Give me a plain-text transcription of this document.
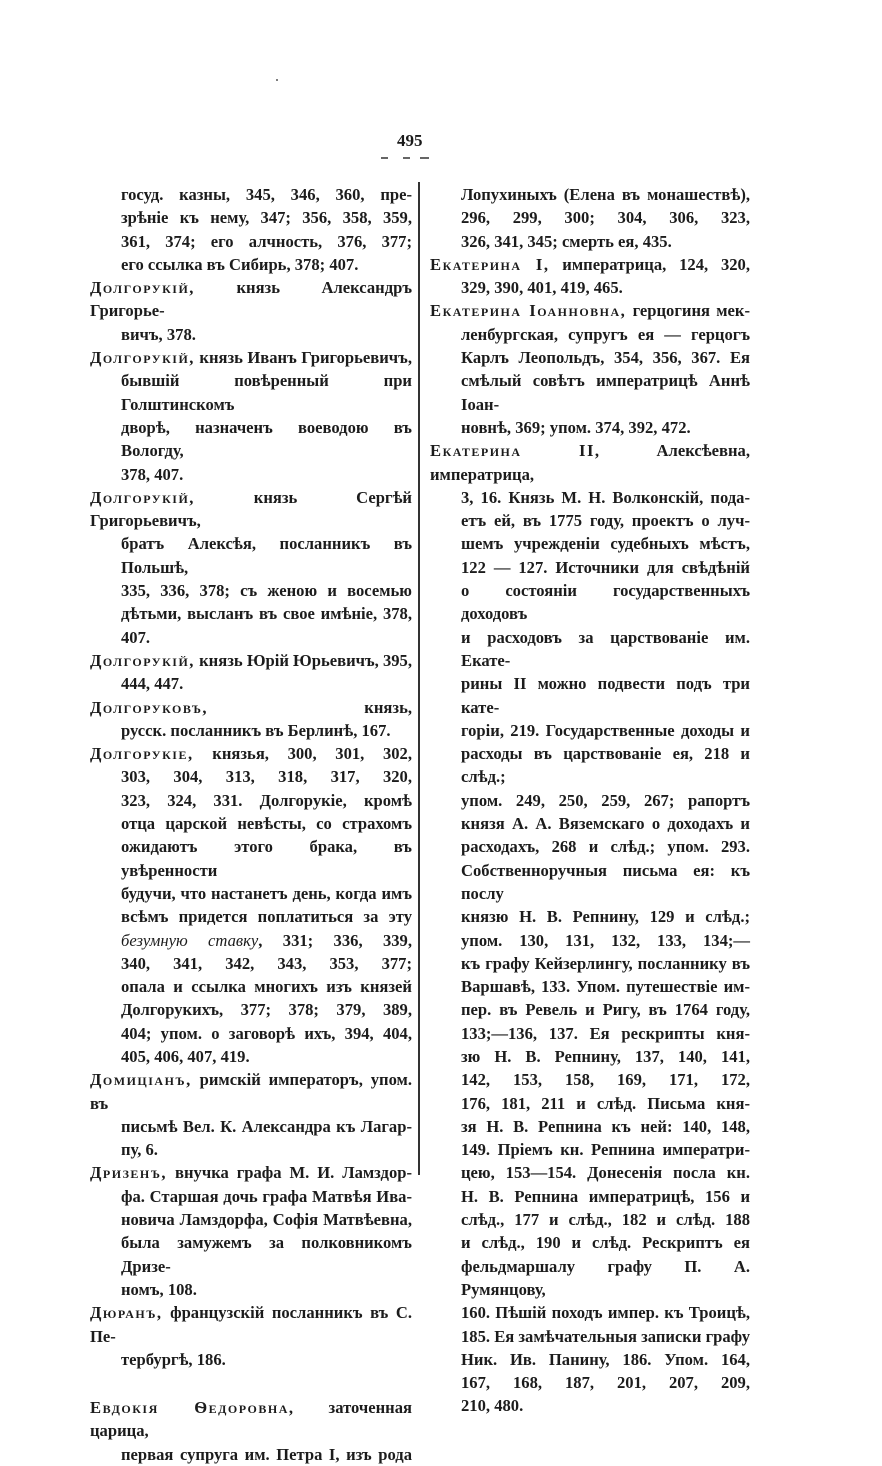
495
госуд. казны, 345, 346, 360, пре-
зрѣніе къ нему, 347; 356, 358, 359,
361, 374; его алчность, 376, 377;
его ссылка въ Сибирь, 378; 407.
Долгорукій, князь Александръ Григорье-
вичъ, 378.
Долгорукій, князь Иванъ Григорьевичъ,
бывшій повѣренный при Голштинскомъ
дворѣ, назначенъ воеводою въ Вологду,
378, 407.
Долгорукій, князь Сергѣй Григорьевичъ,
братъ Алексѣя, посланникъ въ Польшѣ,
335, 336, 378; съ женою и восемью
дѣтьми, высланъ въ свое имѣніе, 378,
407.
Долгорукій, князь Юрій Юрьевичъ, 395,
444, 447.
Долгоруковъ, князь,
русск. посланникъ въ Берлинѣ, 167.
Долгорукіе, князья, 300, 301, 302,
303, 304, 313, 318, 317, 320,
323, 324, 331. Долгорукіе, кромѣ
отца царской невѣсты, со страхомъ
ожидаютъ этого брака, въ увѣренности
будучи, что настанетъ день, когда имъ
всѣмъ придется поплатиться за эту
безумную ставку, 331; 336, 339,
340, 341, 342, 343, 353, 377;
опала и ссылка многихъ изъ князей
Долгорукихъ, 377; 378; 379, 389,
404; упом. о заговорѣ ихъ, 394, 404,
405, 406, 407, 419.
Домиціанъ, римскій императоръ, упом. въ
письмѣ Вел. К. Александра къ Лагар-
пу, 6.
Дризенъ, внучка графа М. И. Ламздор-
фа. Старшая дочь графа Матвѣя Ива-
новича Ламздорфа, Софія Матвѣевна,
была замужемъ за полковникомъ Дризе-
номъ, 108.
Дюранъ, французскій посланникъ въ С. Пе-
тербургѣ, 186.
Евдокія Ѳедоровна, заточенная царица,
первая супруга им. Петра I, изъ рода
Лопухиныхъ (Елена въ монашествѣ),
296, 299, 300; 304, 306, 323,
326, 341, 345; смерть ея, 435.
Екатерина I, императрица, 124, 320,
329, 390, 401, 419, 465.
Екатерина Іоанновна, герцогиня мек-
ленбургская, супругъ ея — герцогъ
Карлъ Леопольдъ, 354, 356, 367. Ея
смѣлый совѣтъ императрицѣ Аннѣ Іоан-
новнѣ, 369; упом. 374, 392, 472.
Екатерина II, Алексѣевна, императрица,
3, 16. Князь М. Н. Волконскій, пода-
етъ ей, въ 1775 году, проектъ о луч-
шемъ учрежденіи судебныхъ мѣстъ,
122 — 127. Источники для свѣдѣній
о состояніи государственныхъ доходовъ
и расходовъ за царствованіе им. Екате-
рины II можно подвести подъ три кате-
горіи, 219. Государственные доходы и
расходы въ царствованіе ея, 218 и слѣд.;
упом. 249, 250, 259, 267; рапортъ
князя А. А. Вяземскаго о доходахъ и
расходахъ, 268 и слѣд.; упом. 293.
Собственноручныя письма ея: къ послу
князю Н. В. Репнину, 129 и слѣд.;
упом. 130, 131, 132, 133, 134;—
къ графу Кейзерлингу, посланнику въ
Варшавѣ, 133. Упом. путешествіе им-
пер. въ Ревель и Ригу, въ 1764 году,
133;—136, 137. Ея рескрипты кня-
зю Н. В. Репнину, 137, 140, 141,
142, 153, 158, 169, 171, 172,
176, 181, 211 и слѣд. Письма кня-
зя Н. В. Репнина къ ней: 140, 148,
149. Пріемъ кн. Репнина императри-
цею, 153—154. Донесенія посла кн.
Н. В. Репнина императрицѣ, 156 и
слѣд., 177 и слѣд., 182 и слѣд. 188
и слѣд., 190 и слѣд. Рескриптъ ея
фельдмаршалу графу П. А. Румянцову,
160. Пѣшій походъ импер. къ Троицѣ,
185. Ея замѣчательныя записки графу
Ник. Ив. Панину, 186. Упом. 164,
167, 168, 187, 201, 207, 209,
210, 480.
